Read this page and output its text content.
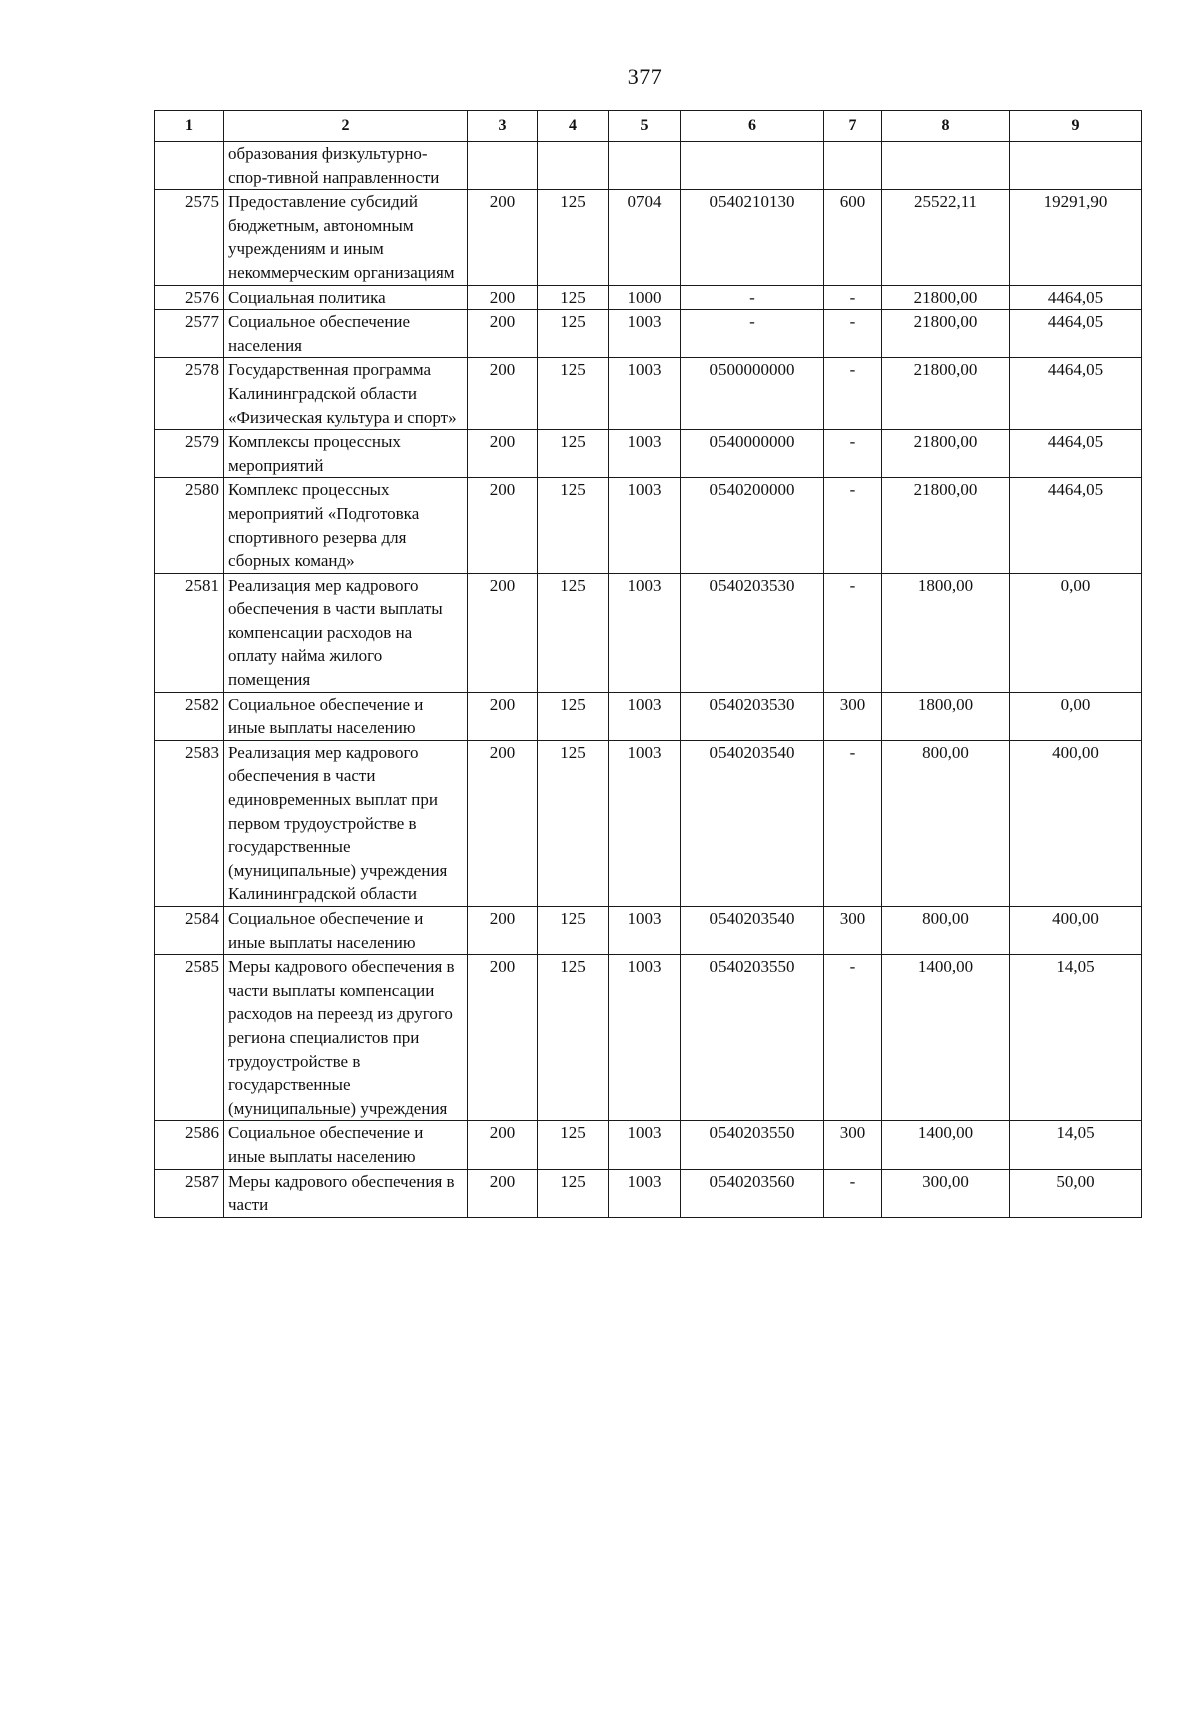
377
1	2	3	4	5	6	7	8	9
	образования физкультурно-спор-тивной направленности							
2575	Предоставление субсидий бюджетным, автономным учреждениям и иным некоммерческим организациям	200	125	0704	0540210130	600	25522,11	19291,90
2576	Социальная политика	200	125	1000	-	-	21800,00	4464,05
2577	Социальное обеспечение населения	200	125	1003	-	-	21800,00	4464,05
2578	Государственная программа Калининградской области «Физическая культура и спорт»	200	125	1003	0500000000	-	21800,00	4464,05
2579	Комплексы процессных мероприятий	200	125	1003	0540000000	-	21800,00	4464,05
2580	Комплекс процессных мероприятий «Подготовка спортивного резерва для сборных команд»	200	125	1003	0540200000	-	21800,00	4464,05
2581	Реализация мер кадрового обеспечения в части выплаты компенсации расходов на оплату найма жилого помещения	200	125	1003	0540203530	-	1800,00	0,00
2582	Социальное обеспечение и иные выплаты населению	200	125	1003	0540203530	300	1800,00	0,00
2583	Реализация мер кадрового обеспечения в части единовременных выплат при первом трудоустройстве в государственные (муниципальные) учреждения Калининградской области	200	125	1003	0540203540	-	800,00	400,00
2584	Социальное обеспечение и иные выплаты населению	200	125	1003	0540203540	300	800,00	400,00
2585	Меры кадрового обеспечения в части выплаты компенсации расходов на переезд из другого региона специалистов при трудоустройстве в государственные (муниципальные) учреждения	200	125	1003	0540203550	-	1400,00	14,05
2586	Социальное обеспечение и иные выплаты населению	200	125	1003	0540203550	300	1400,00	14,05
2587	Меры кадрового обеспечения в части	200	125	1003	0540203560	-	300,00	50,00
